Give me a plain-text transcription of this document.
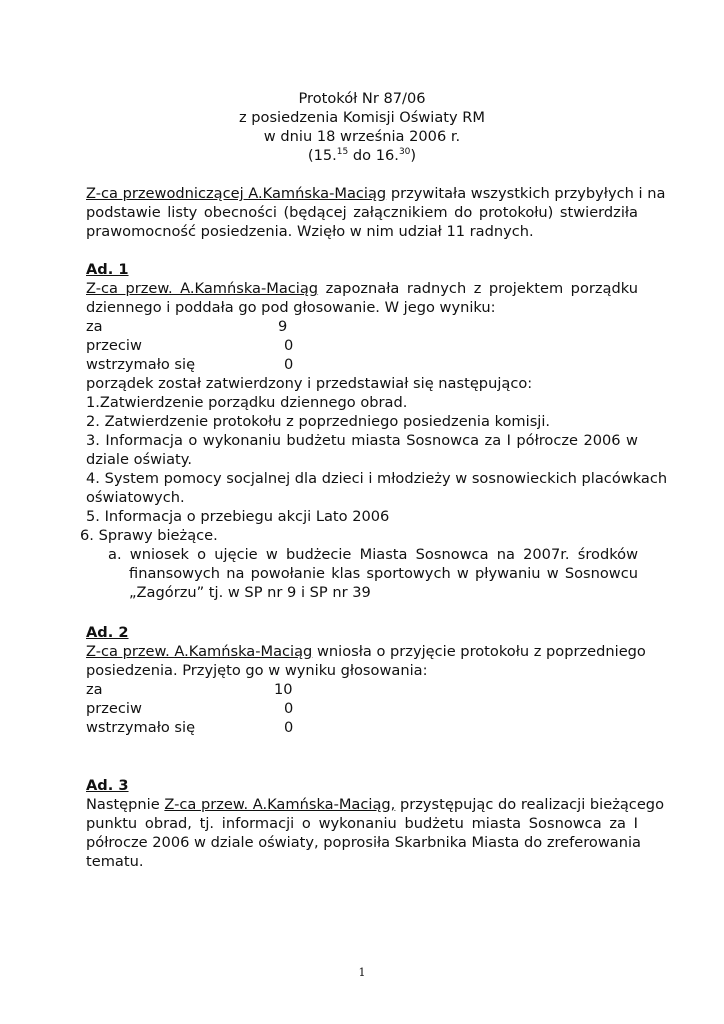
Protokół Nr 87/06
z posiedzenia Komisji Oświaty RM
w dniu 18 września 2006 r.
(15.15 do 16.30)
Z-ca przewodniczącej A.Kamńska-Maciąg przywitała wszystkich przybyłych i na
podstawie listy obecności (będącej załącznikiem do protokołu) stwierdziła
prawomocność posiedzenia. Wzięło w nim udział 11 radnych.
Ad. 1
Z-ca przew. A.Kamńska-Maciąg zapoznała radnych z projektem porządku
dziennego i poddała go pod głosowanie. W jego wyniku:
za	9
przeciw	0
wstrzymało się	0
porządek został zatwierdzony i przedstawiał się następująco:
1.Zatwierdzenie porządku dziennego obrad.
2. Zatwierdzenie protokołu z poprzedniego posiedzenia komisji.
3. Informacja o wykonaniu budżetu miasta Sosnowca za I półrocze 2006 w
dziale oświaty.
4. System pomocy socjalnej dla dzieci i młodzieży w sosnowieckich placówkach
oświatowych.
5. Informacja o przebiegu akcji Lato 2006
6. Sprawy bieżące.
a. wniosek o ujęcie w budżecie Miasta Sosnowca na 2007r. środków
finansowych na powołanie klas sportowych w pływaniu w Sosnowcu
„Zagórzu” tj. w SP nr 9 i SP nr 39
Ad. 2
Z-ca przew. A.Kamńska-Maciąg wniosła o przyjęcie protokołu z poprzedniego
posiedzenia. Przyjęto go w wyniku głosowania:
za	10
przeciw	0
wstrzymało się	0
Ad. 3
Następnie Z-ca przew. A.Kamńska-Maciąg, przystępując do realizacji bieżącego
punktu obrad, tj. informacji o wykonaniu budżetu miasta Sosnowca za I
półrocze 2006 w dziale oświaty, poprosiła Skarbnika Miasta do zreferowania
tematu.
1
